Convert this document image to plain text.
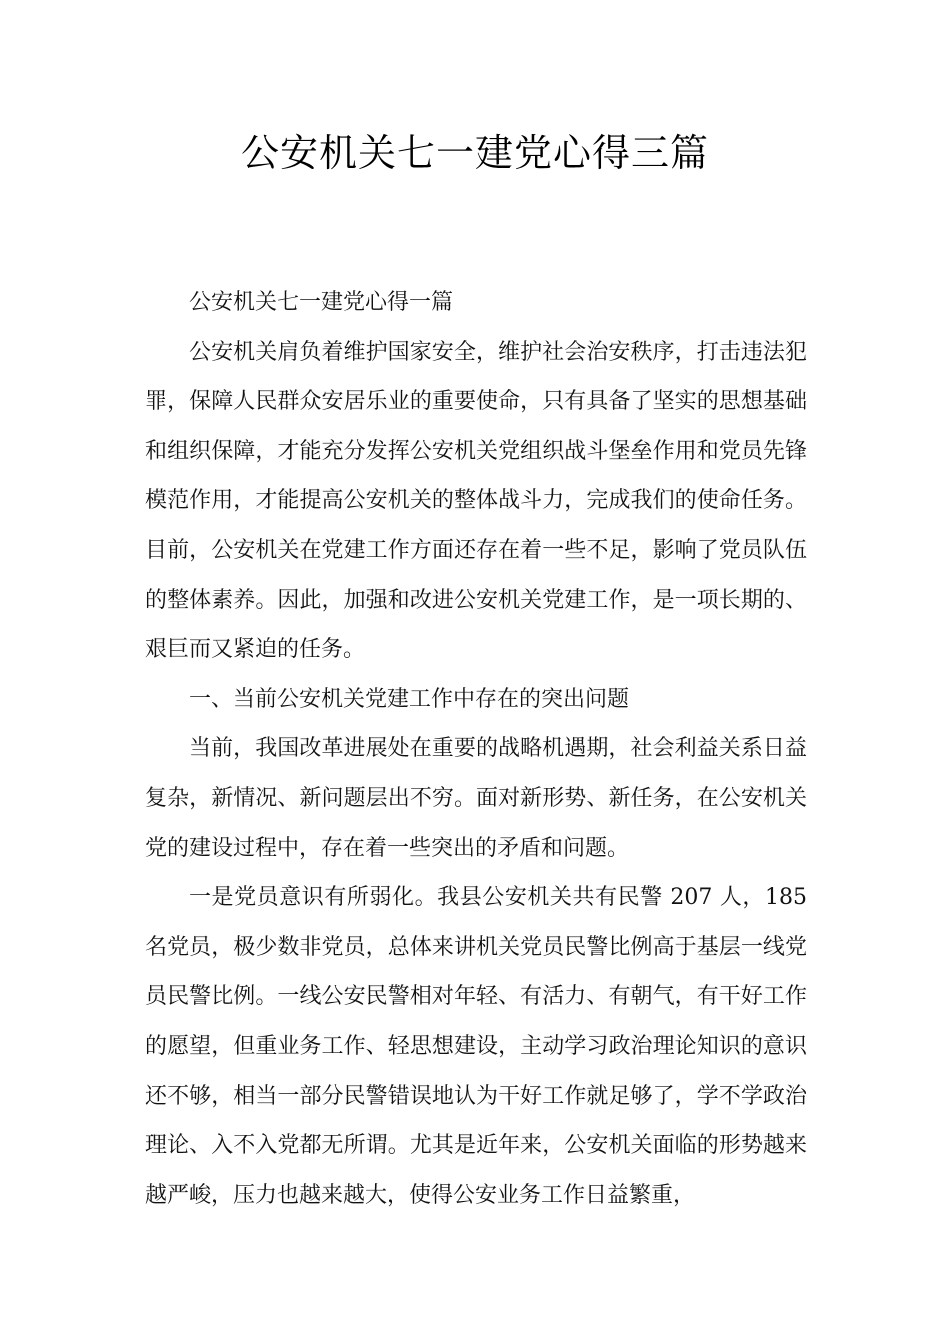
公安机关七一建党心得三篇

公安机关七一建党心得一篇

公安机关肩负着维护国家安全，维护社会治安秩序，打击违法犯罪，保障人民群众安居乐业的重要使命，只有具备了坚实的思想基础和组织保障，才能充分发挥公安机关党组织战斗堡垒作用和党员先锋模范作用，才能提高公安机关的整体战斗力，完成我们的使命任务。目前，公安机关在党建工作方面还存在着一些不足，影响了党员队伍的整体素养。因此，加强和改进公安机关党建工作，是一项长期的、艰巨而又紧迫的任务。

一、当前公安机关党建工作中存在的突出问题

当前，我国改革进展处在重要的战略机遇期，社会利益关系日益复杂，新情况、新问题层出不穷。面对新形势、新任务，在公安机关党的建设过程中，存在着一些突出的矛盾和问题。

一是党员意识有所弱化。我县公安机关共有民警 207 人，185 名党员，极少数非党员，总体来讲机关党员民警比例高于基层一线党员民警比例。一线公安民警相对年轻、有活力、有朝气，有干好工作的愿望，但重业务工作、轻思想建设，主动学习政治理论知识的意识还不够，相当一部分民警错误地认为干好工作就足够了，学不学政治理论、入不入党都无所谓。尤其是近年来，公安机关面临的形势越来越严峻，压力也越来越大，使得公安业务工作日益繁重，
